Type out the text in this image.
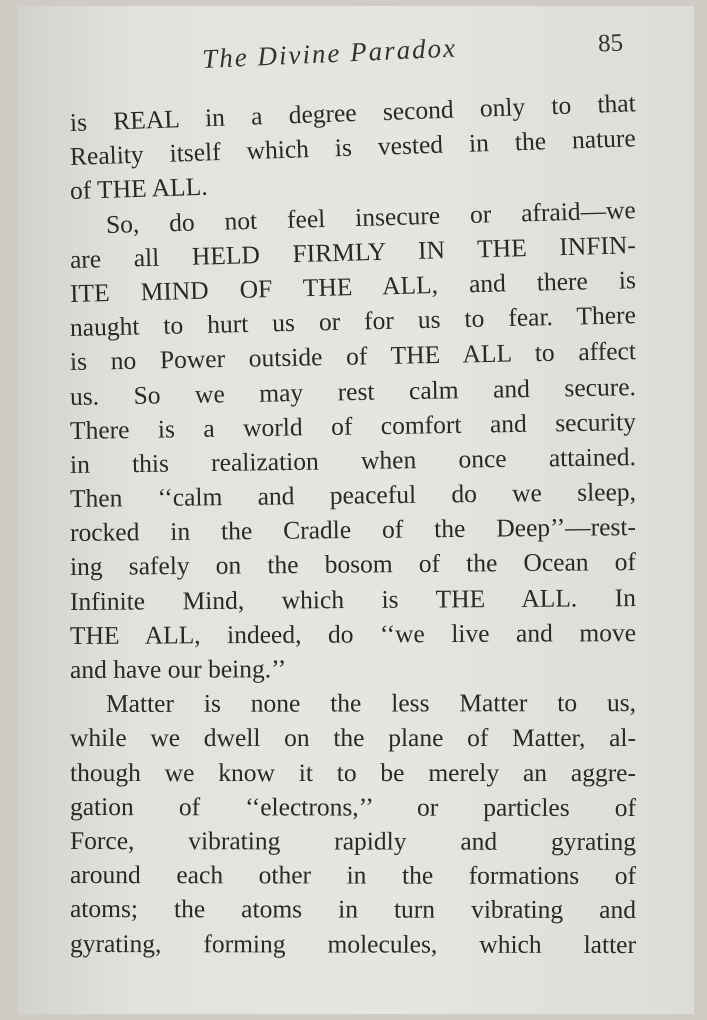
The Divine Paradox	85
is REAL in a degree second only to that
Reality itself which is vested in the nature
of THE ALL.
So, do not feel insecure or afraid—we
are all HELD FIRMLY IN THE INFIN-
ITE MIND OF THE ALL, and there is
naught to hurt us or for us to fear. There
is no Power outside of THE ALL to affect
us. So we may rest calm and secure.
There is a world of comfort and security
in this realization when once attained.
Then ‘‘calm and peaceful do we sleep,
rocked in the Cradle of the Deep’’—rest-
ing safely on the bosom of the Ocean of
Infinite Mind, which is THE ALL. In
THE ALL, indeed, do ‘‘we live and move
and have our being.’’
Matter is none the less Matter to us,
while we dwell on the plane of Matter, al-
though we know it to be merely an aggre-
gation of ‘‘electrons,’’ or particles of
Force, vibrating rapidly and gyrating
around each other in the formations of
atoms; the atoms in turn vibrating and
gyrating, forming molecules, which latter
